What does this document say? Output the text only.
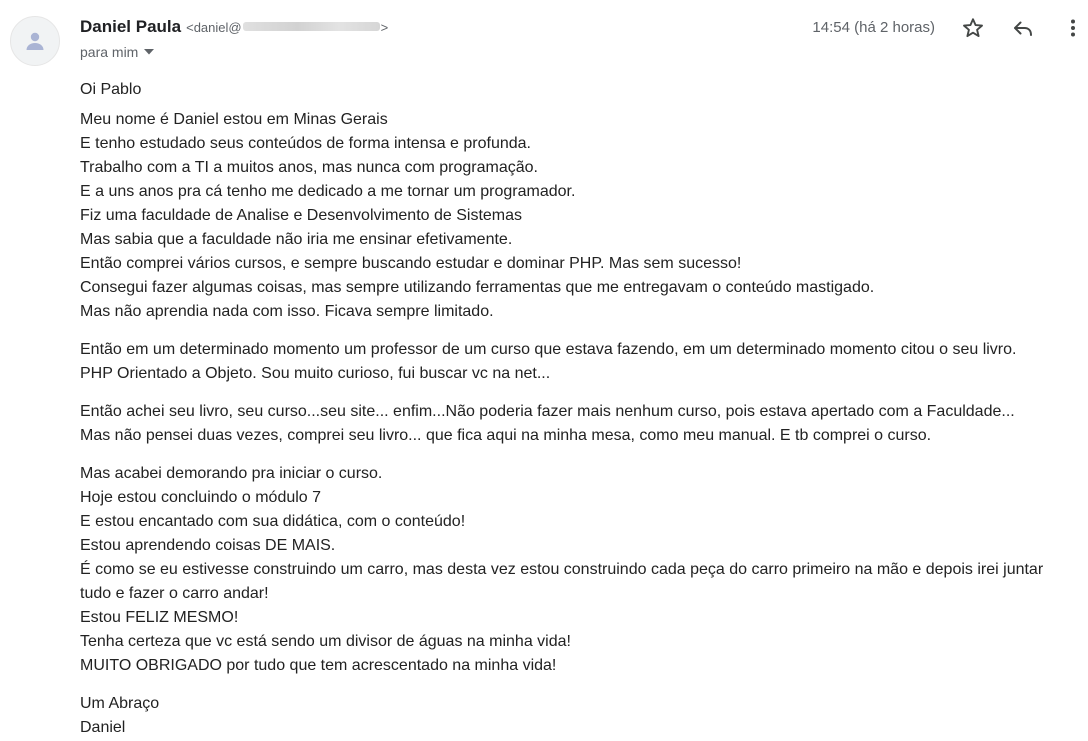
Daniel Paula <daniel@	>
para mim
14:54 (há 2 horas)
Oi Pablo
Meu nome é Daniel estou em Minas Gerais
E tenho estudado seus conteúdos de forma intensa e profunda.
Trabalho com a TI a muitos anos, mas nunca com programação.
E a uns anos pra cá tenho me dedicado a me tornar um programador.
Fiz uma faculdade de Analise e Desenvolvimento de Sistemas
Mas sabia que a faculdade não iria me ensinar efetivamente.
Então comprei vários cursos, e sempre buscando estudar e dominar PHP. Mas sem sucesso!
Consegui fazer algumas coisas, mas sempre utilizando ferramentas que me entregavam o conteúdo mastigado.
Mas não aprendia nada com isso. Ficava sempre limitado.
Então em um determinado momento um professor de um curso que estava fazendo, em um determinado momento citou o seu livro.
PHP Orientado a Objeto. Sou muito curioso, fui buscar vc na net...
Então achei seu livro, seu curso...seu site... enfim...Não poderia fazer mais nenhum curso, pois estava apertado com a Faculdade...
Mas não pensei duas vezes, comprei seu livro... que fica aqui na minha mesa, como meu manual. E tb comprei o curso.
Mas acabei demorando pra iniciar o curso.
Hoje estou concluindo o módulo 7
E estou encantado com sua didática, com o conteúdo!
Estou aprendendo coisas DE MAIS.
É como se eu estivesse construindo um carro, mas desta vez estou construindo cada peça do carro primeiro na mão e depois irei juntar tudo e fazer o carro andar!
Estou FELIZ MESMO!
Tenha certeza que vc está sendo um divisor de águas na minha vida!
MUITO OBRIGADO por tudo que tem acrescentado na minha vida!
Um Abraço
Daniel
